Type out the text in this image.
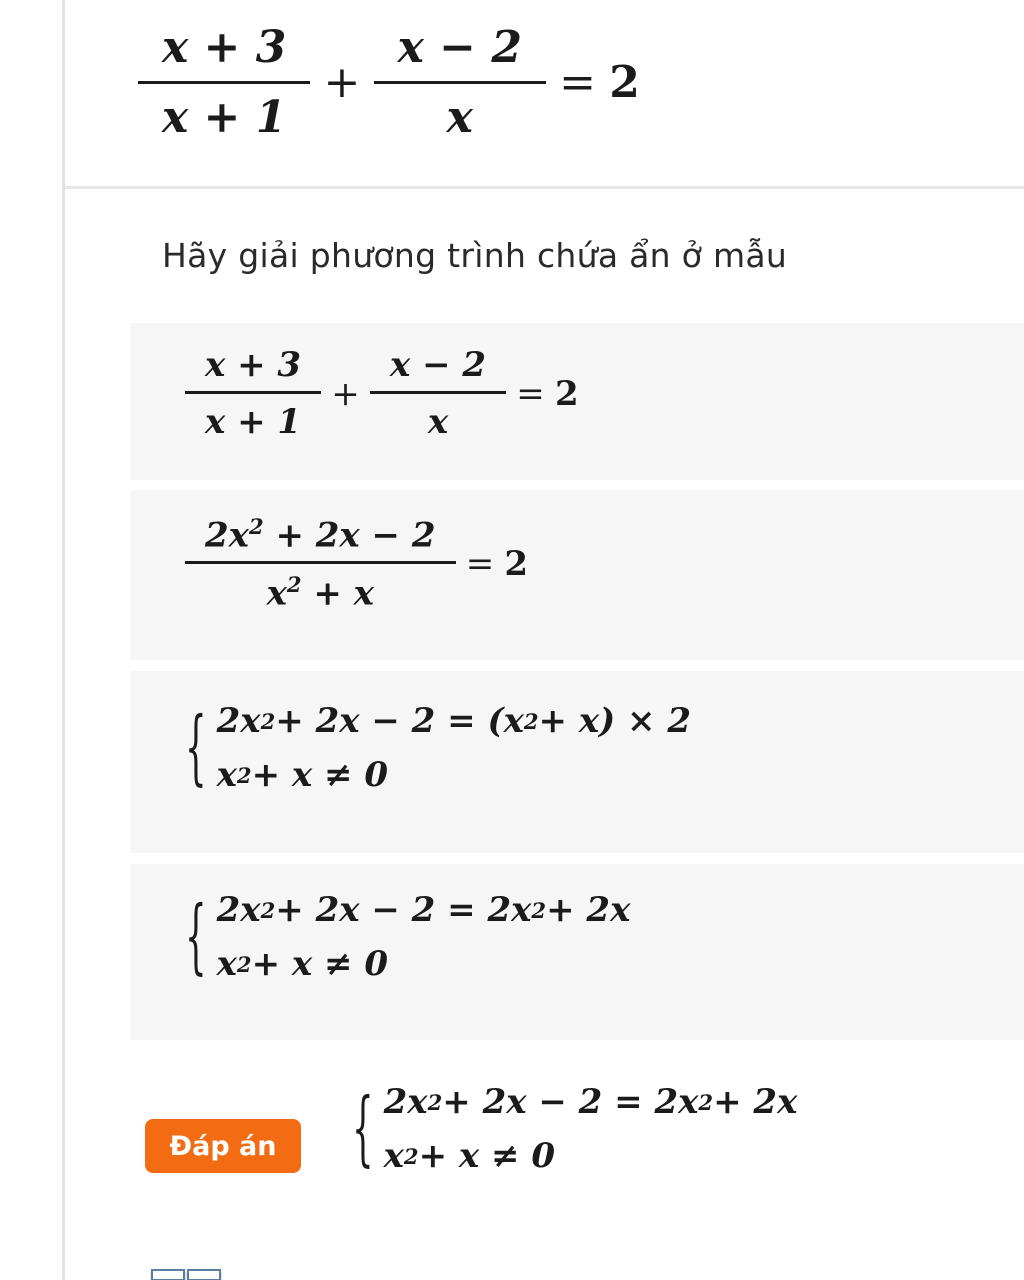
$\frac{x + 3}{x + 1} + \frac{x - 2}{x} = 2$
Hãy giải phương trình chứa ẩn ở mẫu
$\frac{x + 3}{x + 1} + \frac{x - 2}{x} = 2$
$\frac{2x^2 + 2x - 2}{x^2 + x} = 2$
{ 2x 2 + 2x − 2 = (x 2 + x) × 2
x 2 + x ≠ 0
{ 2x 2 + 2x − 2 = 2x 2 + 2x
x 2 + x ≠ 0
Đáp án	{ 2x 2 + 2x − 2 = 2x 2 + 2x
x 2 + x ≠ 0
